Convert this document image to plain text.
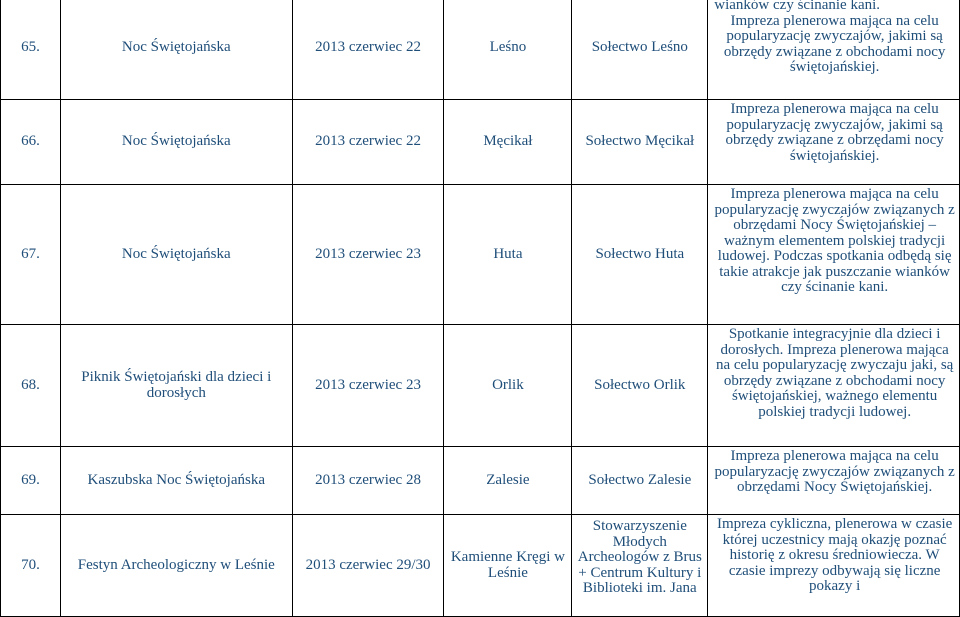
65.	Noc Świętojańska	2013 czerwiec 22	Leśno	Sołectwo Leśno	wianków czy ścinanie kani.
Impreza plenerowa mająca na celu popularyzację zwyczajów, jakimi są obrzędy związane z obchodami nocy świętojańskiej.

66.	Noc Świętojańska	2013 czerwiec 22	Męcikał	Sołectwo Męcikał	Impreza plenerowa mająca na celu popularyzację zwyczajów, jakimi są obrzędy związane z obrzędami nocy świętojańskiej.

67.	Noc Świętojańska	2013 czerwiec 23	Huta	Sołectwo Huta	Impreza plenerowa mająca na celu popularyzację zwyczajów związanych z obrzędami Nocy Świętojańskiej – ważnym elementem polskiej tradycji ludowej. Podczas spotkania odbędą się takie atrakcje jak puszczanie wianków czy ścinanie kani.

68.	Piknik Świętojański dla dzieci i dorosłych	2013 czerwiec 23	Orlik	Sołectwo Orlik	Spotkanie integracyjnie dla dzieci i dorosłych. Impreza plenerowa mająca na celu popularyzację zwyczaju jaki, są obrzędy związane z obchodami nocy świętojańskiej, ważnego elementu polskiej tradycji ludowej.

69.	Kaszubska Noc Świętojańska	2013 czerwiec 28	Zalesie	Sołectwo Zalesie	Impreza plenerowa mająca na celu popularyzację zwyczajów związanych z obrzędami Nocy Świętojańskiej.

70.	Festyn Archeologiczny w Leśnie	2013 czerwiec 29/30	Kamienne Kręgi w Leśnie	Stowarzyszenie Młodych Archeologów z Brus + Centrum Kultury i Biblioteki im. Jana	Impreza cykliczna, plenerowa w czasie której uczestnicy mają okazję poznać historię z okresu średniowiecza. W czasie imprezy odbywają się liczne pokazy i
